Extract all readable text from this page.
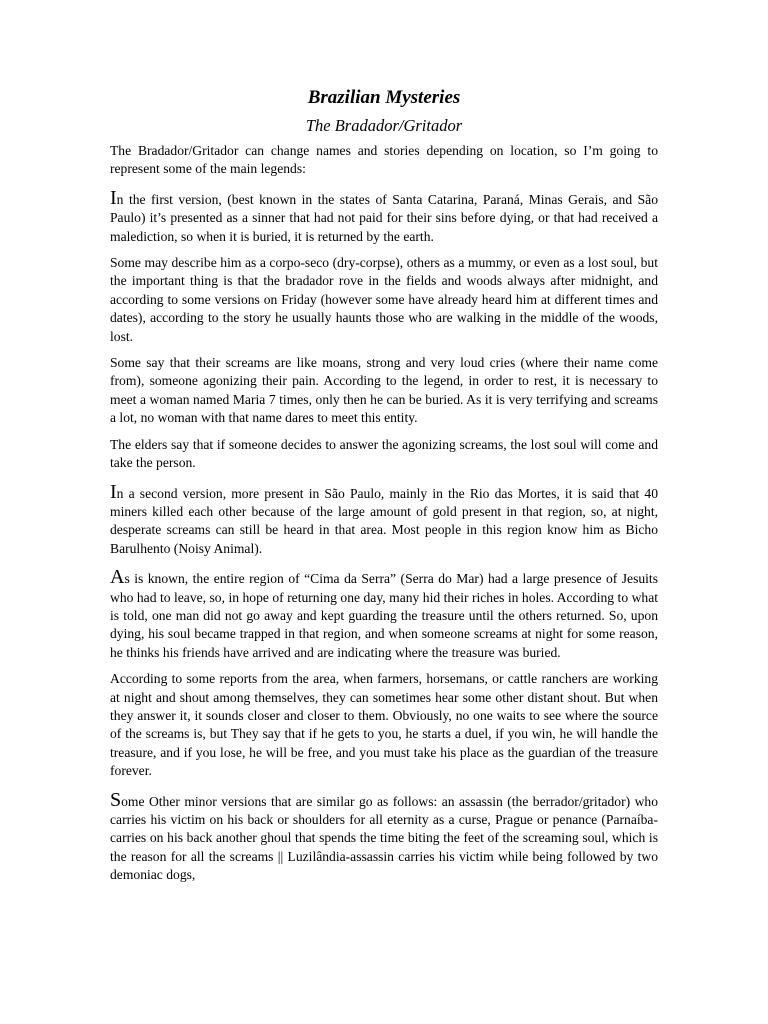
Brazilian Mysteries
The Bradador/Gritador

The Bradador/Gritador can change names and stories depending on location, so I’m going to represent some of the main legends:

In the first version, (best known in the states of Santa Catarina, Paraná, Minas Gerais, and São Paulo) it’s presented as a sinner that had not paid for their sins before dying, or that had received a malediction, so when it is buried, it is returned by the earth.

Some may describe him as a corpo-seco (dry-corpse), others as a mummy, or even as a lost soul, but the important thing is that the bradador rove in the fields and woods always after midnight, and according to some versions on Friday (however some have already heard him at different times and dates), according to the story he usually haunts those who are walking in the middle of the woods, lost.

Some say that their screams are like moans, strong and very loud cries (where their name come from), someone agonizing their pain. According to the legend, in order to rest, it is necessary to meet a woman named Maria 7 times, only then he can be buried. As it is very terrifying and screams a lot, no woman with that name dares to meet this entity.

The elders say that if someone decides to answer the agonizing screams, the lost soul will come and take the person.

In a second version, more present in São Paulo, mainly in the Rio das Mortes, it is said that 40 miners killed each other because of the large amount of gold present in that region, so, at night, desperate screams can still be heard in that area. Most people in this region know him as Bicho Barulhento (Noisy Animal).

As is known, the entire region of “Cima da Serra” (Serra do Mar) had a large presence of Jesuits who had to leave, so, in hope of returning one day, many hid their riches in holes. According to what is told, one man did not go away and kept guarding the treasure until the others returned. So, upon dying, his soul became trapped in that region, and when someone screams at night for some reason, he thinks his friends have arrived and are indicating where the treasure was buried.

According to some reports from the area, when farmers, horsemans, or cattle ranchers are working at night and shout among themselves, they can sometimes hear some other distant shout. But when they answer it, it sounds closer and closer to them. Obviously, no one waits to see where the source of the screams is, but They say that if he gets to you, he starts a duel, if you win, he will handle the treasure, and if you lose, he will be free, and you must take his place as the guardian of the treasure forever.

Some Other minor versions that are similar go as follows: an assassin (the berrador/gritador) who carries his victim on his back or shoulders for all eternity as a curse, Prague or penance (Parnaíba-carries on his back another ghoul that spends the time biting the feet of the screaming soul, which is the reason for all the screams || Luzilândia-assassin carries his victim while being followed by two demoniac dogs,
